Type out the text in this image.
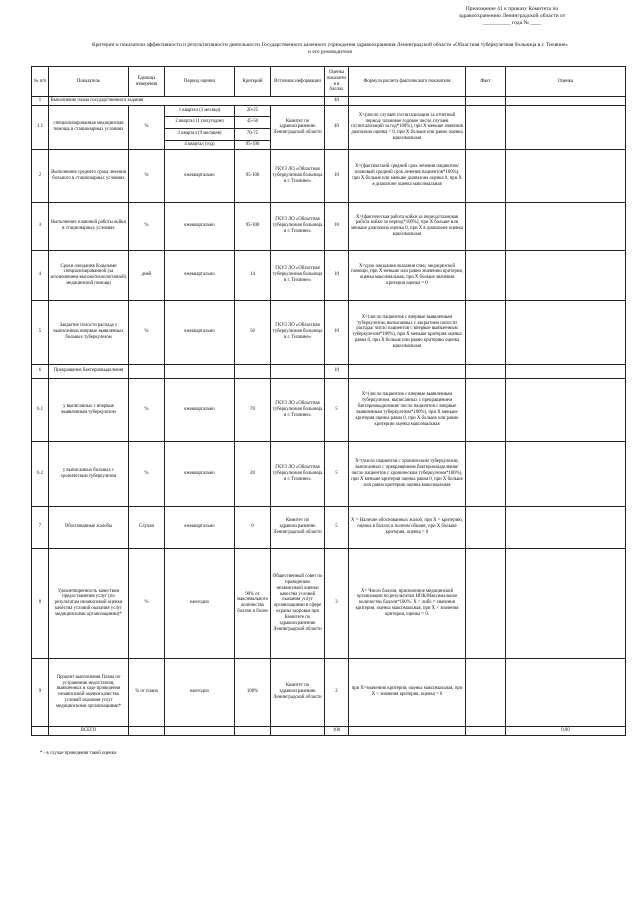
Приложение 41 к приказу Комитета по
здравоохранению Ленинградской области от
__________ года № ____
Критерии и показатели эффективности и результативности деятельности Государственного казенного учреждения здравоохранения Ленинградской области «Областная туберкулезная больница в г. Тихвине»
и его руководителя
№ п/п	Показатель	Единица измерения	Период оценки	Критерий	Источник информации	Оценка показателя в баллах	Формула расчета фактического показателя	Факт	Оценка
1	Выполнение плана государственного задания					40			
1.1	специализированная медицинская помощь в стационарных условиях	%	1 квартал (3 месяца)	20-25	Комитет по здравоохранению Ленинградской области	40	Х=(число случаев госпитализации за отчетный период/ плановое годовое число случаев госпитализаций за год*100%), при Х меньше значения диапазона оценка = 0, при Х больше или равно оценка максимальная		
			2 квартал (1 полугодие)	45-50					
			3 квартал (9 месяцев)	70-75					
			4 квартал (год)	95-100					
2	Выполнение среднего срока лечения больного в стационарных условиях	%	ежеквартально	95-100	ГКУЗ ЛО «Областная туберкулезная больница в г. Тихвине»	10	Х=(фактический средний срок лечения пациентов/плановый средний срок лечения пациентов*100%), при Х больше или меньше диапазона оценка 0, при Х в диапазоне оценка максимальная		
3	Выполнение плановой работы койки в стационарных условиях	%	ежеквартально	95-100	ГКУЗ ЛО «Областная туберкулезная больница в г. Тихвине»	10	Х=(фактическая работа койки за период/плановая работа койки за период*100%), при Х больше или меньше диапазона оценка 0, при Х в диапазоне оценка максимальная		
4	Сроки ожидания больными специализированной (за исключением высокотехнологичной) медицинской помощи	дней	ежеквартально	14	ГКУЗ ЛО «Областная туберкулезная больница в г. Тихвине»	10	Х=срок ожидания оказания спец. медицинской помощи, при Х меньше или равно значению критерия, оценка максимальная, при Х больше значения критерия оценка = 0		
5	Закрытие полости распада у выписанных впервые выявленных больных туберкулезом	%	ежеквартально	50	ГКУЗ ЛО «Областная туберкулезная больница в г. Тихвине»	10	Х=(число пациентов с впервые выявленным туберкулезом, выписанных с закрытием полости распада/ число пациентов с впервые выявленным туберкулезом*100%), при Х меньше критерия оценка равна 0, при Х больше или равно критерию оценка максимальная		
6	Прекращение бактериовыделения					10			
6.1	у выписанных с впервые выявленным туберкулезом	%	ежеквартально	70	ГКУЗ ЛО «Областная туберкулезная больница в г. Тихвине»	5	Х=(число пациентов с впервые выявленным туберкулезом, выписанных с прекращением бактериовыделения/ число пациентов с впервые выявленным туберкулезом*100%), при Х меньше критерия оценка равна 0, при Х больше или равно критерию оценка максимальная		
6.2	у выписанных больных с хроническим туберкулезом	%	ежеквартально	20	ГКУЗ ЛО «Областная туберкулезная больница в г. Тихвине»	5	Х=(число пациентов с хроническим туберкулезом, выписанных с прекращением бактериовыделения/ число пациентов с хроническим туберкулезом*100%), при Х меньше критерия оценка равна 0, при Х больше или равно критерию оценка максимальная		
7	Обоснованные жалобы	Случаи	ежеквартально	0	Комитет по здравоохранению Ленинградской области	5	Х = Наличие обоснованных жалоб, при Х = критерию, оценка в баллах в полном объеме, при Х больше критерия, оценка = 0		
8	Удовлетворенность качеством предоставления услуг (по результатам независимой оценки качества условий оказания услуг медицинскими организациями)*	%	ежегодно	90% от максимального количества баллов и более	Общественный совет по проведению независимой оценки качества условий оказания услуг организациями в сфере охраны здоровья при Комитете по здравоохранению Ленинградской области	3	Х= Число баллов, присвоенное медицинской организации по результатам НОК/Максимальное количество баллов*100%. Х > либо = значения критерия, оценка максимальная, при Х < значения критерия, оценка = 0.		
9	Процент выполнения Плана по устранению недостатков, выявленных в ходе проведения независимой оценки качества условий оказания услуг медицинскими организациями*	% от плана	ежегодно	100%	Комитет по здравоохранению Ленинградской области	2	при Х=значению критерия, оценка максимальная, при Х < значения критерия, оценка = 0		
	ВСЕГО					100			0,00
* - в случае проведения такой оценки
